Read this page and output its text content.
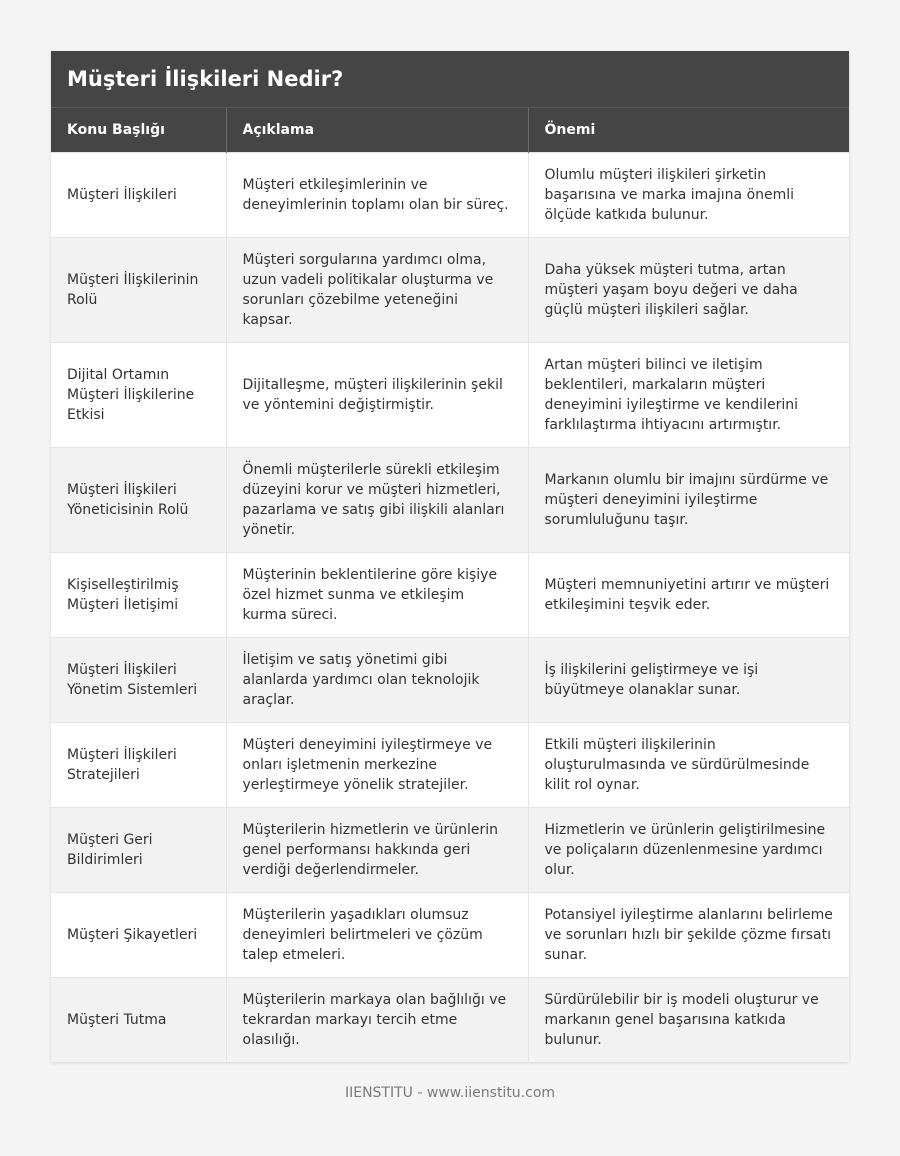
Müşteri İlişkileri Nedir?
Konu Başlığı	Açıklama	Önemi
Müşteri İlişkileri	Müşteri etkileşimlerinin ve deneyimlerinin toplamı olan bir süreç.	Olumlu müşteri ilişkileri şirketin başarısına ve marka imajına önemli ölçüde katkıda bulunur.
Müşteri İlişkilerinin Rolü	Müşteri sorgularına yardımcı olma, uzun vadeli politikalar oluşturma ve sorunları çözebilme yeteneğini kapsar.	Daha yüksek müşteri tutma, artan müşteri yaşam boyu değeri ve daha güçlü müşteri ilişkileri sağlar.
Dijital Ortamın Müşteri İlişkilerine Etkisi	Dijitalleşme, müşteri ilişkilerinin şekil ve yöntemini değiştirmiştir.	Artan müşteri bilinci ve iletişim beklentileri, markaların müşteri deneyimini iyileştirme ve kendilerini farklılaştırma ihtiyacını artırmıştır.
Müşteri İlişkileri Yöneticisinin Rolü	Önemli müşterilerle sürekli etkileşim düzeyini korur ve müşteri hizmetleri, pazarlama ve satış gibi ilişkili alanları yönetir.	Markanın olumlu bir imajını sürdürme ve müşteri deneyimini iyileştirme sorumluluğunu taşır.
Kişiselleştirilmiş Müşteri İletişimi	Müşterinin beklentilerine göre kişiye özel hizmet sunma ve etkileşim kurma süreci.	Müşteri memnuniyetini artırır ve müşteri etkileşimini teşvik eder.
Müşteri İlişkileri Yönetim Sistemleri	İletişim ve satış yönetimi gibi alanlarda yardımcı olan teknolojik araçlar.	İş ilişkilerini geliştirmeye ve işi büyütmeye olanaklar sunar.
Müşteri İlişkileri Stratejileri	Müşteri deneyimini iyileştirmeye ve onları işletmenin merkezine yerleştirmeye yönelik stratejiler.	Etkili müşteri ilişkilerinin oluşturulmasında ve sürdürülmesinde kilit rol oynar.
Müşteri Geri Bildirimleri	Müşterilerin hizmetlerin ve ürünlerin genel performansı hakkında geri verdiği değerlendirmeler.	Hizmetlerin ve ürünlerin geliştirilmesine ve poliçaların düzenlenmesine yardımcı olur.
Müşteri Şikayetleri	Müşterilerin yaşadıkları olumsuz deneyimleri belirtmeleri ve çözüm talep etmeleri.	Potansiyel iyileştirme alanlarını belirleme ve sorunları hızlı bir şekilde çözme fırsatı sunar.
Müşteri Tutma	Müşterilerin markaya olan bağlılığı ve tekrardan markayı tercih etme olasılığı.	Sürdürülebilir bir iş modeli oluşturur ve markanın genel başarısına katkıda bulunur.
IIENSTITU - www.iienstitu.com
